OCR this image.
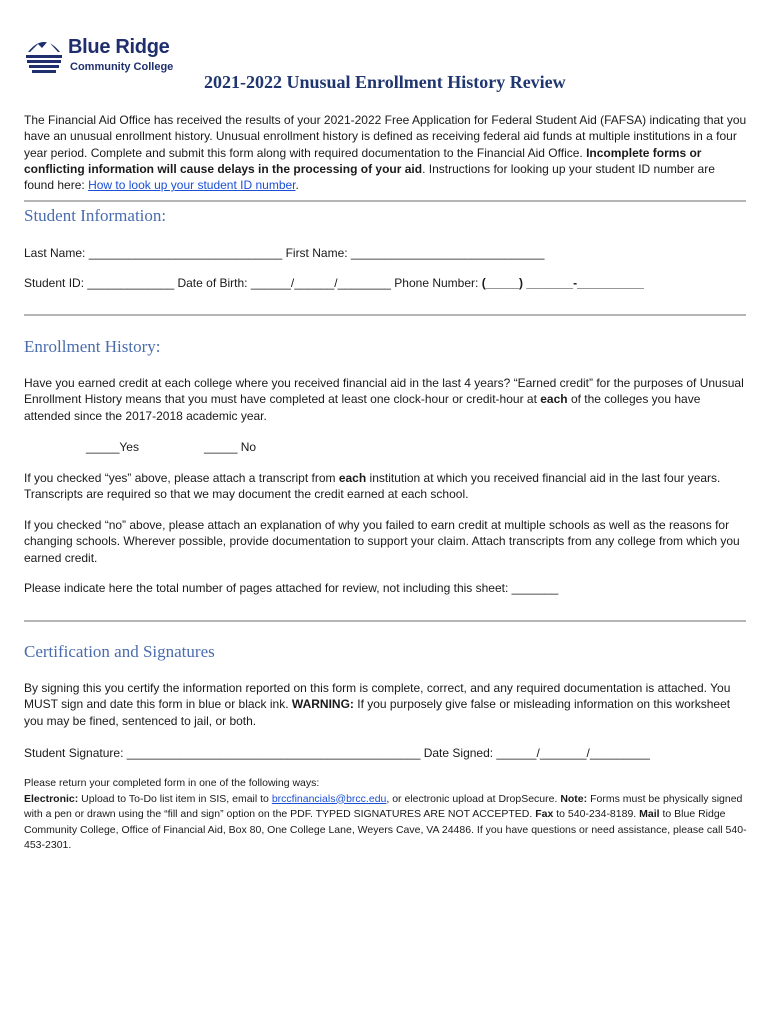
Blue Ridge
Community College
2021-2022 Unusual Enrollment History Review

The Financial Aid Office has received the results of your 2021-2022 Free Application for Federal Student Aid (FAFSA) indicating that you have an unusual enrollment history. Unusual enrollment history is defined as receiving federal aid funds at multiple institutions in a four year period. Complete and submit this form along with required documentation to the Financial Aid Office. Incomplete forms or conflicting information will cause delays in the processing of your aid. Instructions for looking up your student ID number are found here: How to look up your student ID number.

Student Information:
Last Name: _____________________________ First Name: _____________________________
Student ID: _____________ Date of Birth: ______/______/________ Phone Number: (_____) _______-__________
Enrollment History:

Have you earned credit at each college where you received financial aid in the last 4 years? “Earned credit” for the purposes of Unusual Enrollment History means that you must have completed at least one clock-hour or credit-hour at each of the colleges you have attended since the 2017-2018 academic year.

_____Yes	_____ No

If you checked “yes” above, please attach a transcript from each institution at which you received financial aid in the last four years. Transcripts are required so that we may document the credit earned at each school.

If you checked “no” above, please attach an explanation of why you failed to earn credit at multiple schools as well as the reasons for changing schools. Wherever possible, provide documentation to support your claim. Attach transcripts from any college from which you earned credit.

Please indicate here the total number of pages attached for review, not including this sheet: _______
Certification and Signatures

By signing this you certify the information reported on this form is complete, correct, and any required documentation is attached. You MUST sign and date this form in blue or black ink. WARNING: If you purposely give false or misleading information on this worksheet you may be fined, sentenced to jail, or both.

Student Signature: ____________________________________________ Date Signed: ______/_______/_________

Please return your completed form in one of the following ways:
Electronic: Upload to To-Do list item in SIS, email to brccfinancials@brcc.edu, or electronic upload at DropSecure. Note: Forms must be physically signed with a pen or drawn using the “fill and sign” option on the PDF. TYPED SIGNATURES ARE NOT ACCEPTED. Fax to 540-234-8189. Mail to Blue Ridge Community College, Office of Financial Aid, Box 80, One College Lane, Weyers Cave, VA 24486. If you have questions or need assistance, please call 540-453-2301.
